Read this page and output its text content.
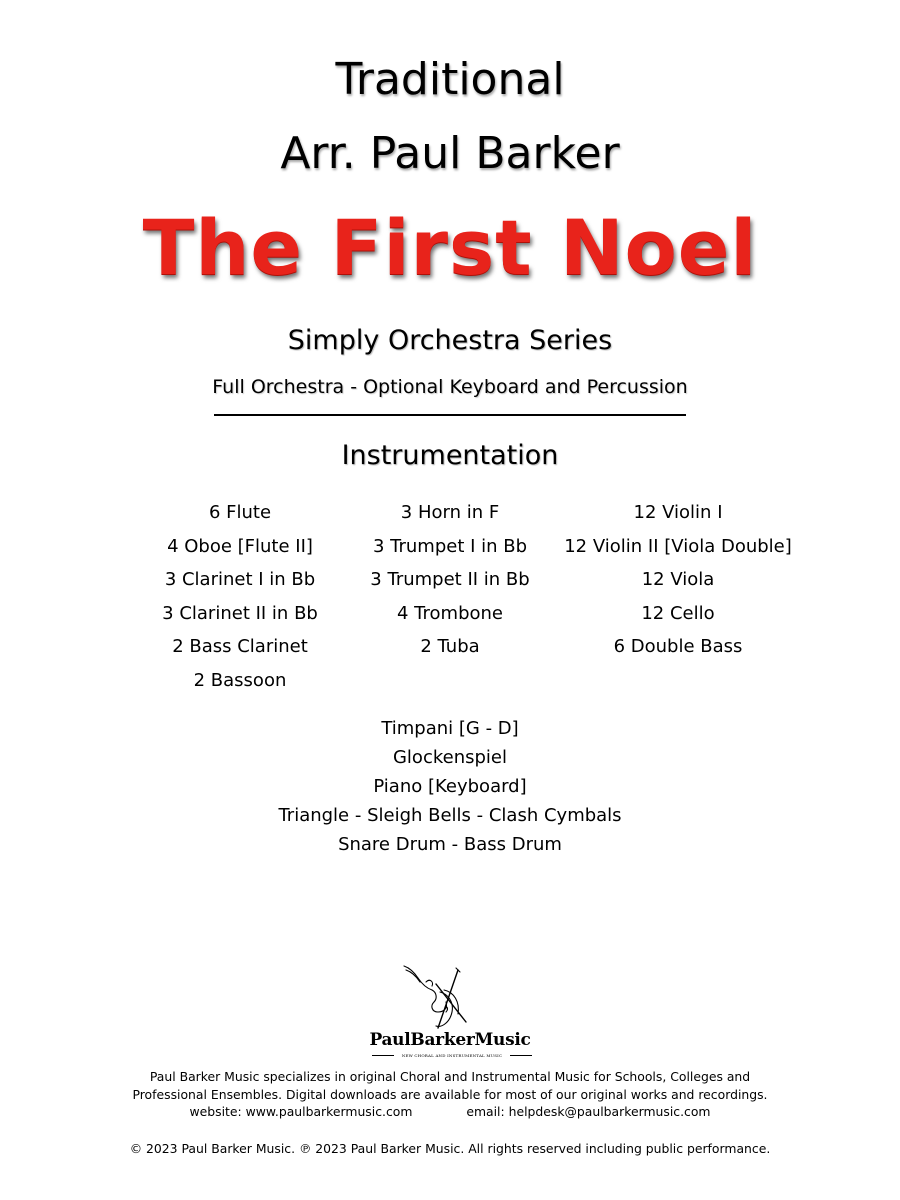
Traditional
Arr. Paul Barker
The First Noel
Simply Orchestra Series
Full Orchestra - Optional Keyboard and Percussion
Instrumentation
6 Flute
4 Oboe [Flute II]
3 Clarinet I in Bb
3 Clarinet II in Bb
2 Bass Clarinet
2 Bassoon
3 Horn in F
3 Trumpet I in Bb
3 Trumpet II in Bb
4 Trombone
2 Tuba
12 Violin I
12 Violin II [Viola Double]
12 Viola
12 Cello
6 Double Bass
Timpani [G - D]
Glockenspiel
Piano [Keyboard]
Triangle - Sleigh Bells - Clash Cymbals
Snare Drum - Bass Drum
PaulBarkerMusic
NEW CHORAL AND INSTRUMENTAL MUSIC
Paul Barker Music specializes in original Choral and Instrumental Music for Schools, Colleges and
Professional Ensembles. Digital downloads are available for most of our original works and recordings.
website: www.paulbarkermusic.com	email: helpdesk@paulbarkermusic.com
© 2023 Paul Barker Music. ℗ 2023 Paul Barker Music. All rights reserved including public performance.
